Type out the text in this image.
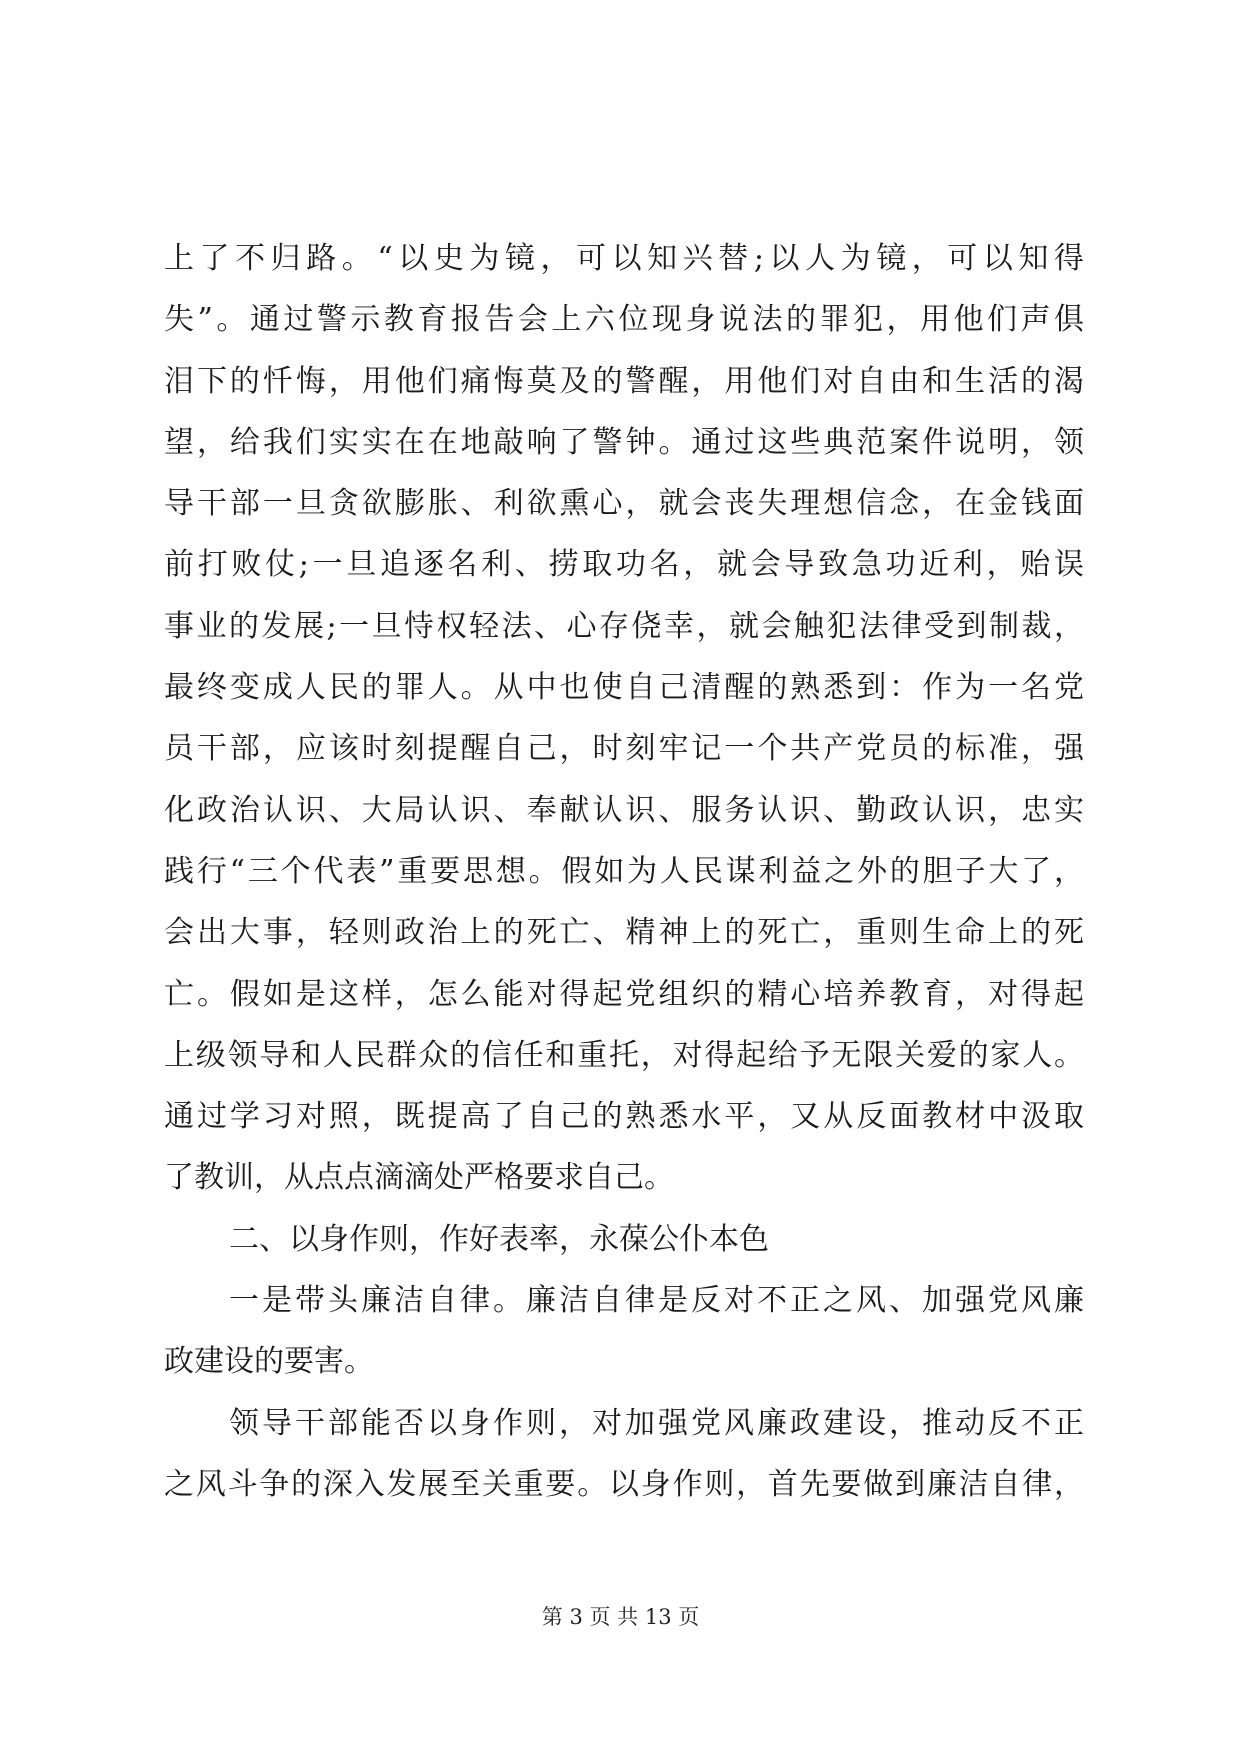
上了不归路。“以史为镜，可以知兴替;以人为镜，可以知得
失”。通过警示教育报告会上六位现身说法的罪犯，用他们声俱
泪下的忏悔，用他们痛悔莫及的警醒，用他们对自由和生活的渴
望，给我们实实在在地敲响了警钟。通过这些典范案件说明，领
导干部一旦贪欲膨胀、利欲熏心，就会丧失理想信念，在金钱面
前打败仗;一旦追逐名利、捞取功名，就会导致急功近利，贻误
事业的发展;一旦恃权轻法、心存侥幸，就会触犯法律受到制裁，
最终变成人民的罪人。从中也使自己清醒的熟悉到：作为一名党
员干部，应该时刻提醒自己，时刻牢记一个共产党员的标准，强
化政治认识、大局认识、奉献认识、服务认识、勤政认识，忠实
践行“三个代表”重要思想。假如为人民谋利益之外的胆子大了，
会出大事，轻则政治上的死亡、精神上的死亡，重则生命上的死
亡。假如是这样，怎么能对得起党组织的精心培养教育，对得起
上级领导和人民群众的信任和重托，对得起给予无限关爱的家人。
通过学习对照，既提高了自己的熟悉水平，又从反面教材中汲取
了教训，从点点滴滴处严格要求自己。
二、以身作则，作好表率，永葆公仆本色
一是带头廉洁自律。廉洁自律是反对不正之风、加强党风廉
政建设的要害。
领导干部能否以身作则，对加强党风廉政建设，推动反不正
之风斗争的深入发展至关重要。以身作则，首先要做到廉洁自律，
第 3 页 共 13 页
